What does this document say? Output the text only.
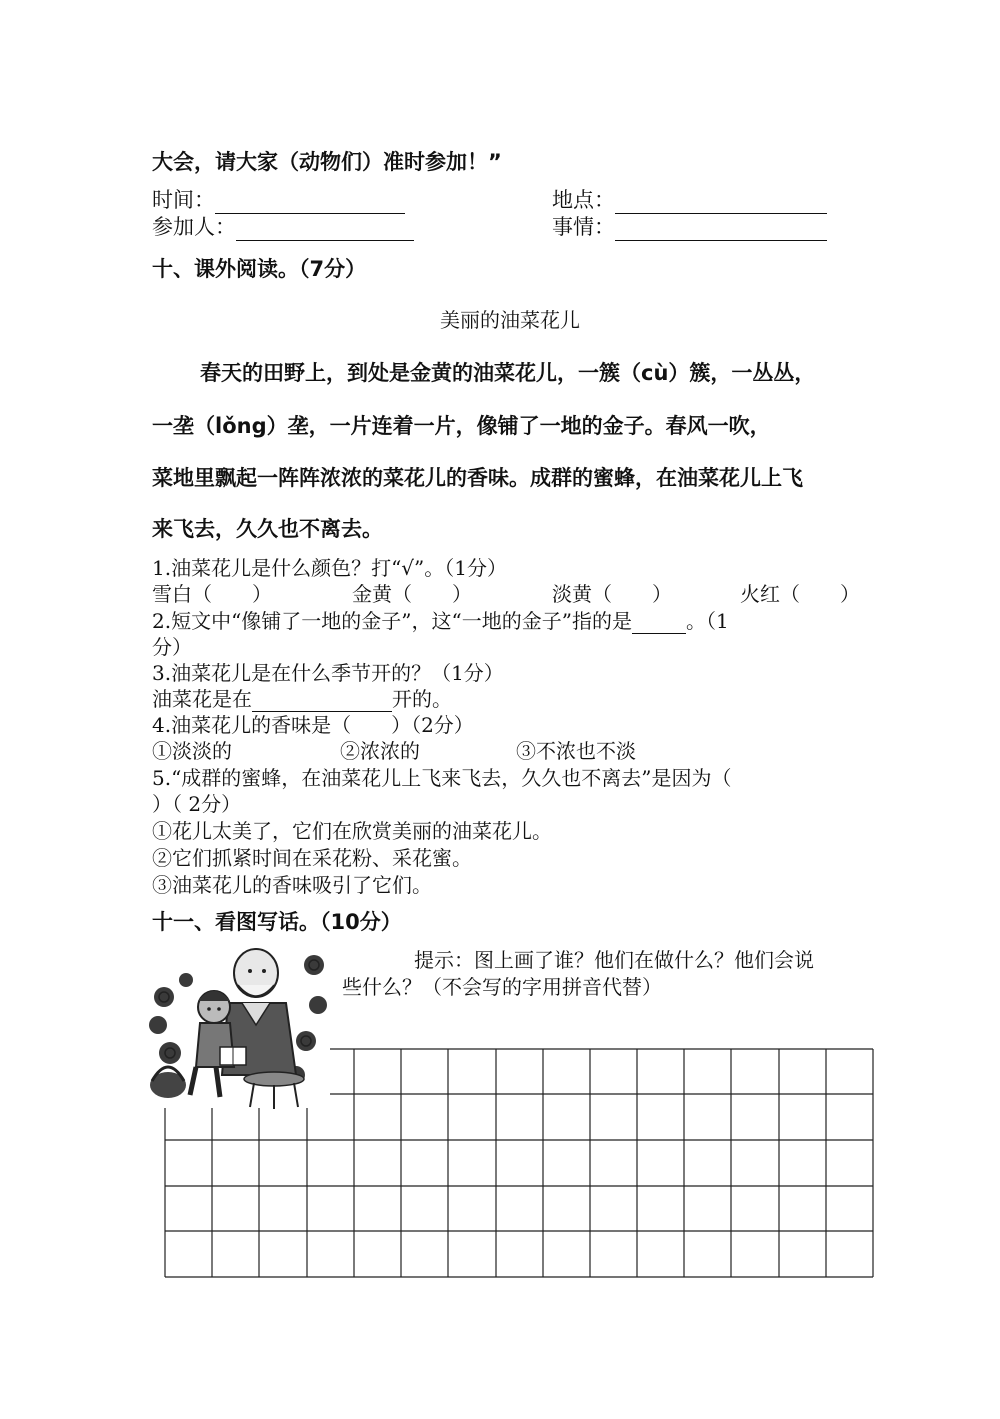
大会，请大家（动物们）准时参加！”
时间：	地点：
参加人：	事情：
十、课外阅读。（7分）
美丽的油菜花儿
春天的田野上，到处是金黄的油菜花儿，一簇（cù）簇，一丛丛，
一垄（lǒng）垄，一片连着一片，像铺了一地的金子。春风一吹，
菜地里飘起一阵阵浓浓的菜花儿的香味。成群的蜜蜂，在油菜花儿上飞
来飞去，久久也不离去。
1.油菜花儿是什么颜色？打“√”。（1分）
雪白（　　）	金黄（　　）	淡黄（　　）	火红（　　）
2.短文中“像铺了一地的金子”，这“一地的金子”指的是	。（1
分）
3.油菜花儿是在什么季节开的？（1分）
油菜花是在	开的。
4.油菜花儿的香味是（　　）（2分）
①淡淡的	②浓浓的	③不浓也不淡
5.“成群的蜜蜂，在油菜花儿上飞来飞去，久久也不离去”是因为（
）（ 2分）
①花儿太美了，它们在欣赏美丽的油菜花儿。
②它们抓紧时间在采花粉、采花蜜。
③油菜花儿的香味吸引了它们。
十一、看图写话。（10分）
提示：图上画了谁？他们在做什么？他们会说
些什么？（不会写的字用拼音代替）
